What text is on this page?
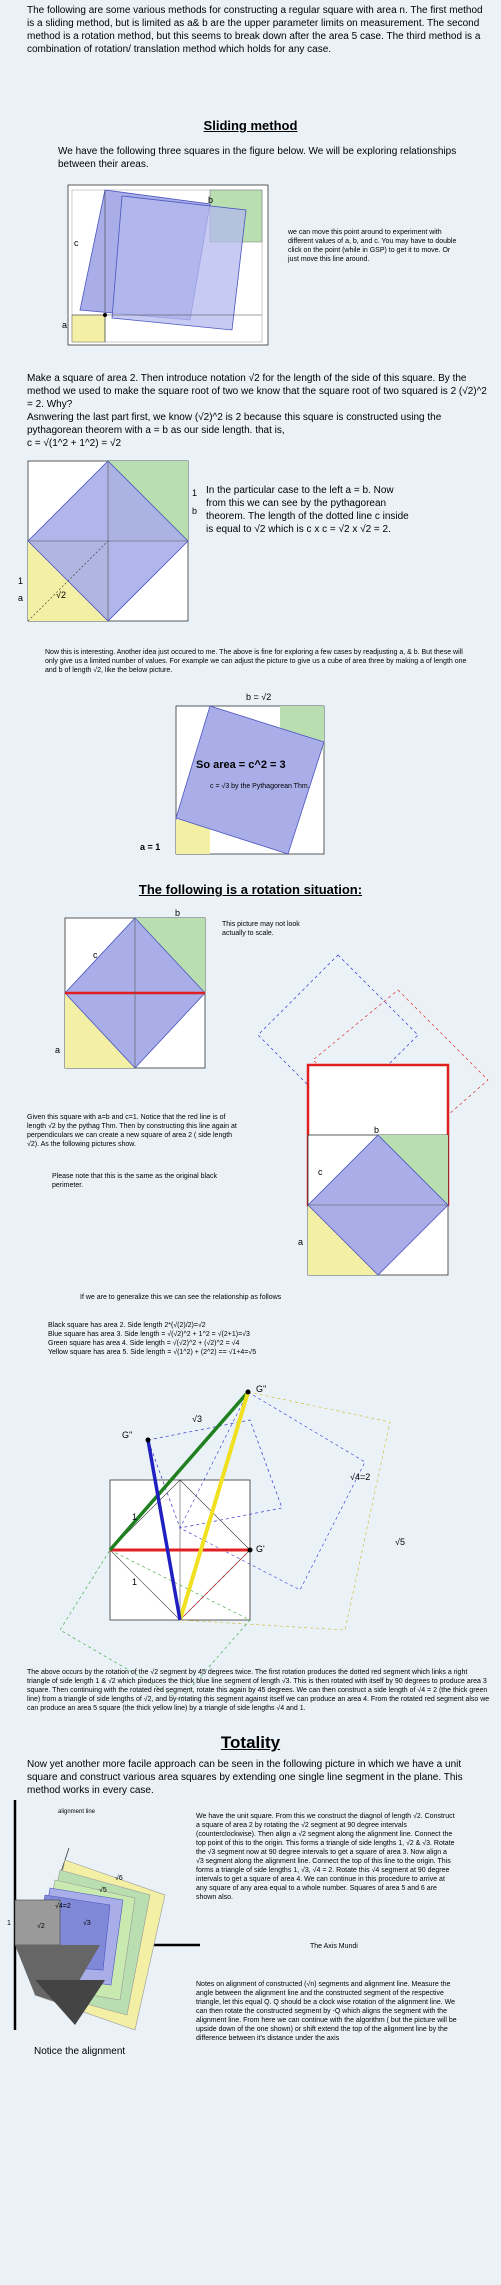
The following are some various methods for constructing a regular square with area n. The first method is a sliding method, but is limited as a& b are the upper parameter limits on measurement. The second method is a rotation method, but this seems to break down after the area 5 case. The third method is a combination of rotation/ translation method which holds for any case.
Sliding method
We have the following three squares in the figure below. We will be exploring relationships between their areas.
b
c
a
we can move this point around to experiment with different values of a, b, and c. You may have to double click on the point (while in GSP) to get it to move. Or just move this line around.
Make a square of area 2. Then introduce notation √2 for the length of the side of this square. By the method we used to make the square root of two we know that the square root of two squared is 2 (√2)^2 = 2. Why?
Asnwering the last part first, we know (√2)^2 is 2 because this square is constructed using the pythagorean theorem with a = b as our side length. that is,
c = √(1^2 + 1^2) = √2
1
b
1
a	√2
In the particular case to the left a = b. Now from this we can see by the pythagorean theorem. The length of the dotted line c inside is equal to √2 which is c x c = √2 x √2 = 2.
Now this is interesting. Another idea just occured to me. The above is fine for exploring a few cases by readjusting a, & b. But these will only give us a limited number of values. For example we can adjust the picture to give us a cube of area three by making a of length one and b of length √2, like the below picture.
b = √2
So area = c^2 = 3
c = √3 by the Pythagorean Thm.
a = 1
The following is a rotation situation:
b
c
a
This picture may not look actually to scale.
b
c
a
Given this square with a=b and c=1. Notice that the red line is of length √2 by the pythag Thm. Then by constructing this line again at perpendiculars we can create a new square of area 2 ( side length √2). As the following pictures show.
Please note that this is the same as the original black perimeter.
If we are to generalize this we can see the relationship as follows
Black square has area 2. Side length 2*(√(2)/2)=√2
Blue square has area 3. Side length = √(√2)^2 + 1^2 = √(2+1)=√3
Green square has area 4. Side length = √(√2)^2 + (√2)^2 = √4
Yellow square has area 5. Side length = √(1^2) + (2^2) == √1+4=√5
G''
G''
G'
√3
√4=2
√5
1
1
The above occurs by the rotation of the √2 segment by 45 degrees twice. The first rotation produces the dotted red segment which links a right triangle of side length 1 & √2 which produces the thick blue line segment of length √3. This is then rotated with itself by 90 degrees to produce area 3 square. Then continuing with the rotated red segment, rotate this again by 45 degrees. We can then construct a side length of √4 = 2 (the thick green line) from a triangle of side lengths of √2, and by rotating this segment against itself we can produce an area 4. From the rotated red segment also we can produce an area 5 square (the thick yellow line) by a triangle of side lengths √4 and 1.
Totality
Now yet another more facile approach can be seen in the following picture in which we have a unit square and construct various area squares by extending one single line segment in the plane. This method works in every case.
√6
√5
√4=2
√3
√2
1
alignment line
Notice the alignment
We have the unit square. From this we construct the diagnol of length √2. Construct a square of area 2 by rotating the √2 segment at 90 degree intervals (counterclockwise). Then align a √2 segment along the alignment line. Connect the top point of this to the origin. This forms a triangle of side lengths 1, √2 & √3. Rotate the √3 segment now at 90 degree intervals to get a square of area 3. Now align a √3 segment along the alignment line. Connect the top of this line to the origin. This forms a triangle of side lengths 1, √3, √4 = 2. Rotate this √4 segment at 90 degree intervals to get a square of area 4. We can continue in this procedure to arrive at any square of any area equal to a whole number. Squares of area 5 and 6 are shown also.
The Axis Mundi
Notes on alignment of constructed (√n) segments and alignment line. Measure the angle between the alignment line and the constructed segment of the respective triangle, let this equal Q. Q should be a clock wise rotation of the alignment line. We can then rotate the constructed segment by -Q which aligns the segment with the alignment line. From here we can continue with the algorithm ( but the picture will be upside down of the one shown) or shift extend the top of the alignment line by the difference between it's distance under the axis
